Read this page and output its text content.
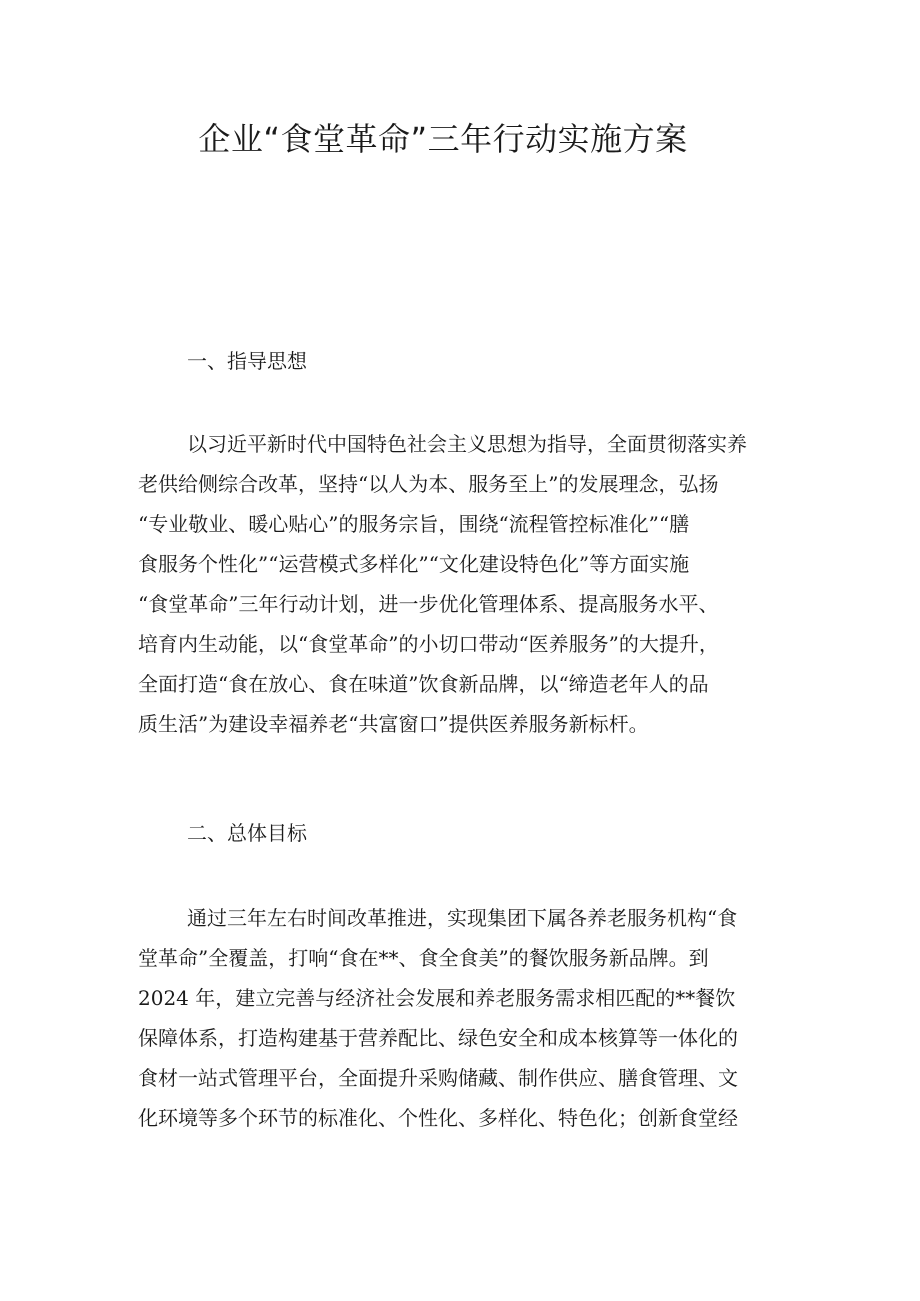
企业“食堂革命”三年行动实施方案
一、指导思想
以习近平新时代中国特色社会主义思想为指导，全面贯彻落实养
老供给侧综合改革，坚持“以人为本、服务至上”的发展理念，弘扬
“专业敬业、暖心贴心”的服务宗旨，围绕“流程管控标准化”“膳
食服务个性化”“运营模式多样化”“文化建设特色化”等方面实施
“食堂革命”三年行动计划，进一步优化管理体系、提高服务水平、
培育内生动能，以“食堂革命”的小切口带动“医养服务”的大提升，
全面打造“食在放心、食在味道”饮食新品牌，以“缔造老年人的品
质生活”为建设幸福养老“共富窗口”提供医养服务新标杆。
二、总体目标
通过三年左右时间改革推进，实现集团下属各养老服务机构“食
堂革命”全覆盖，打响“食在**、食全食美”的餐饮服务新品牌。到
2024 年，建立完善与经济社会发展和养老服务需求相匹配的**餐饮
保障体系，打造构建基于营养配比、绿色安全和成本核算等一体化的
食材一站式管理平台，全面提升采购储藏、制作供应、膳食管理、文
化环境等多个环节的标准化、个性化、多样化、特色化；创新食堂经
